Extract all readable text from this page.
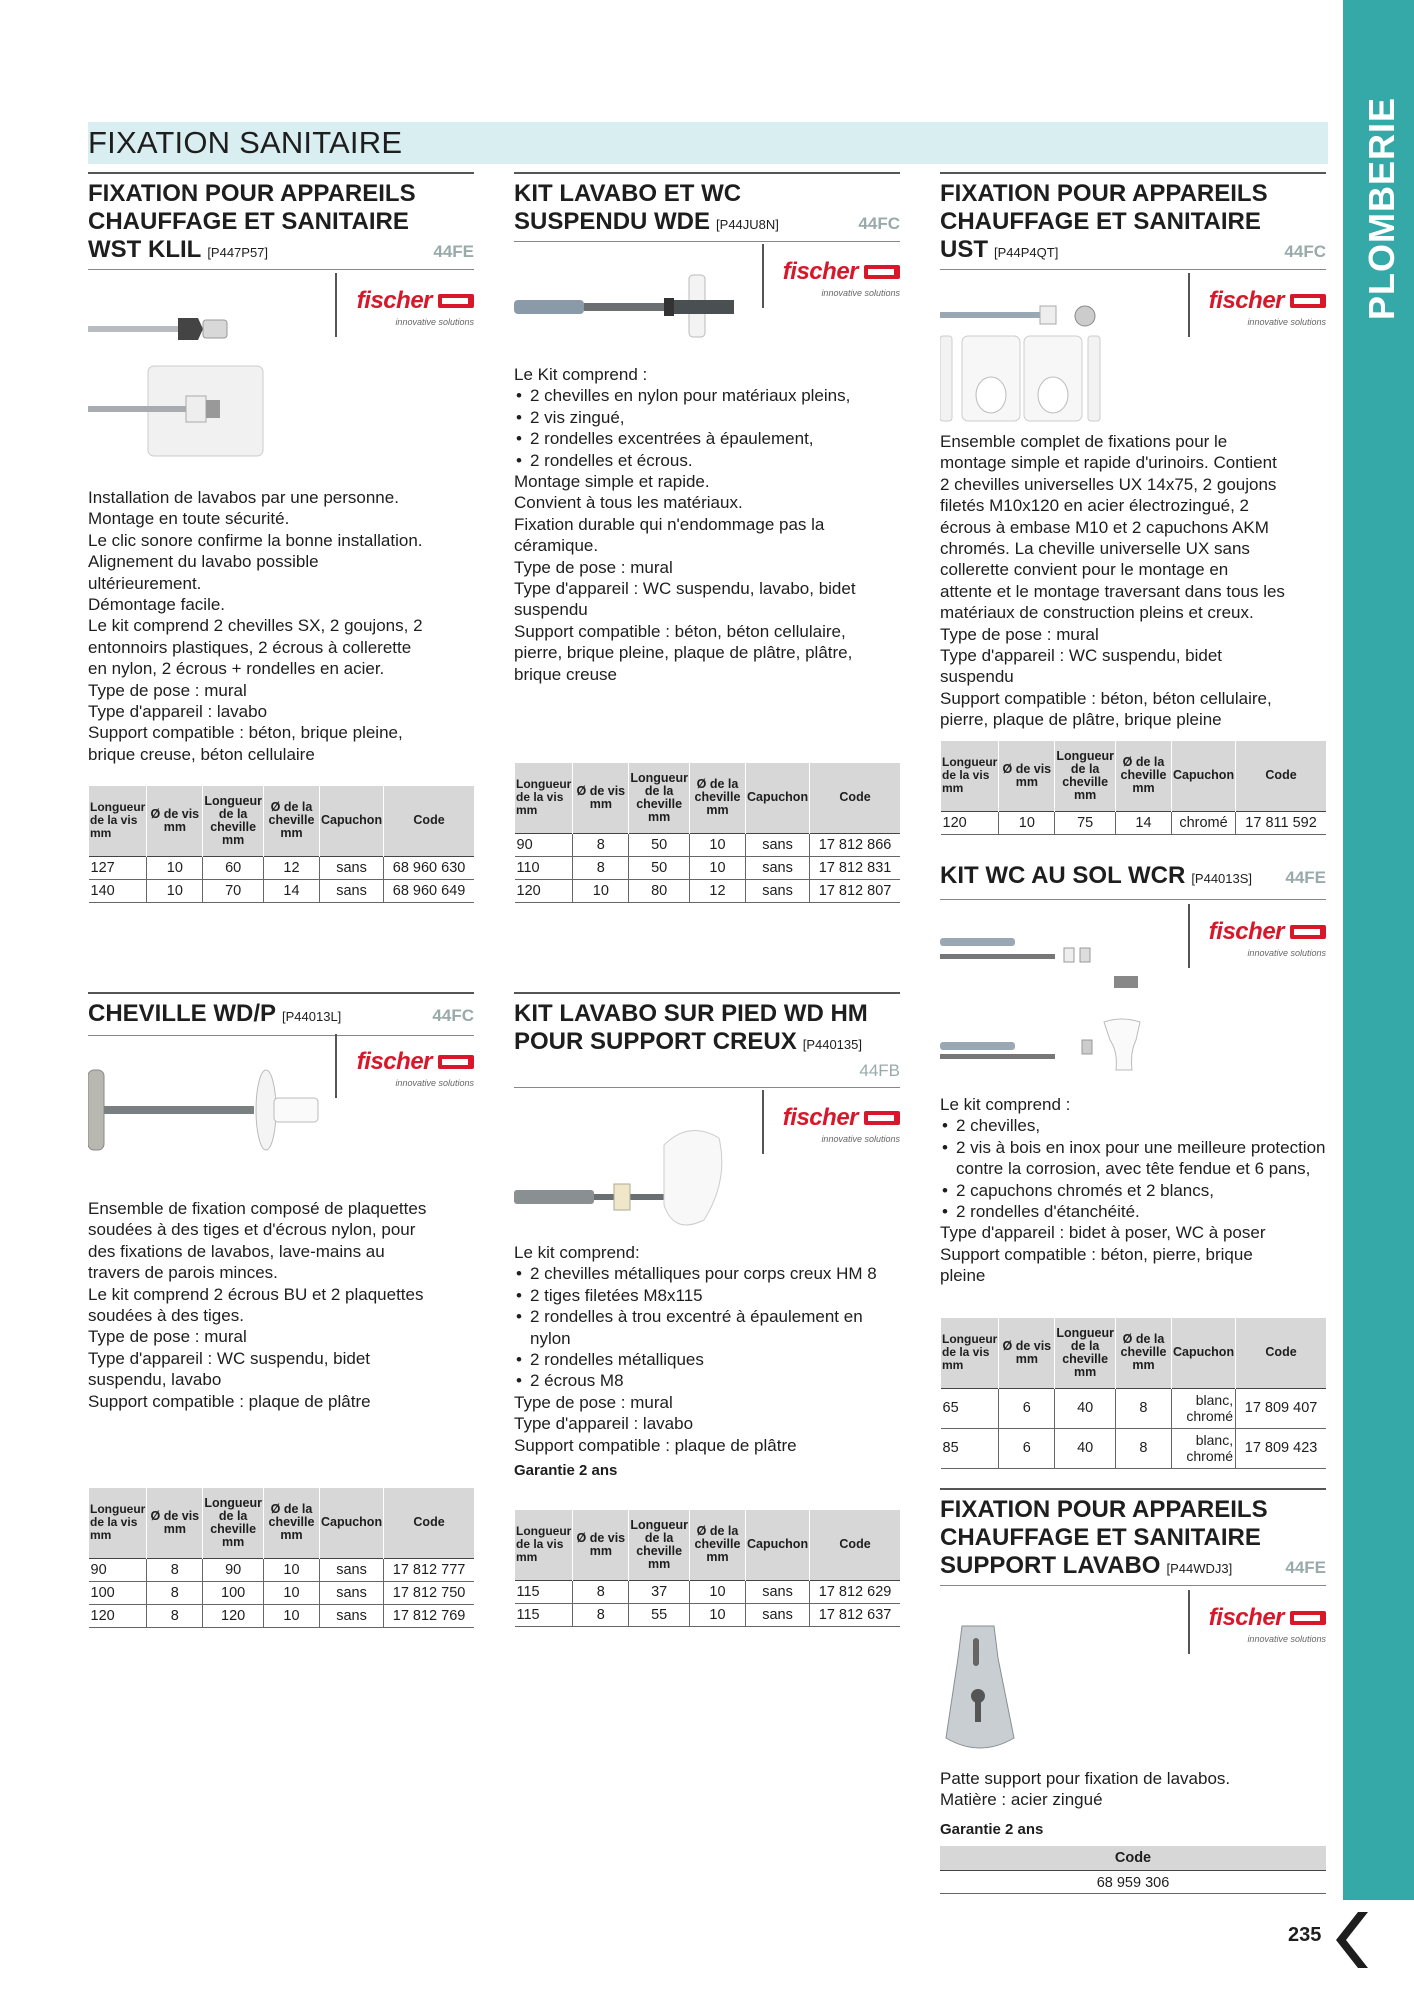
PLOMBERIE
FIXATION SANITAIRE
FIXATION POUR APPAREILS
CHAUFFAGE ET SANITAIRE
WST KLIL [P447P57]	44FE
fischer
innovative solutions
Installation de lavabos par une personne.
Montage en toute sécurité.
Le clic sonore confirme la bonne installation.
Alignement du lavabo possible
ultérieurement.
Démontage facile.
Le kit comprend 2 chevilles SX, 2 goujons, 2
entonnoirs plastiques, 2 écrous à collerette
en nylon, 2 écrous + rondelles en acier.
Type de pose : mural
Type d'appareil : lavabo
Support compatible : béton, brique pleine,
brique creuse, béton cellulaire
Longueur
de la vis
mm	Ø de vis
mm	Longueur
de la
cheville
mm	Ø de la
cheville
mm	Capuchon	Code
127	10	60	12	sans	68 960 630
140	10	70	14	sans	68 960 649
KIT LAVABO ET WC
SUSPENDU WDE [P44JU8N]	44FC
fischer
innovative solutions
Le Kit comprend :
• 2 chevilles en nylon pour matériaux pleins,
• 2 vis zingué,
• 2 rondelles excentrées à épaulement,
• 2 rondelles et écrous.
Montage simple et rapide.
Convient à tous les matériaux.
Fixation durable qui n'endommage pas la
céramique.
Type de pose : mural
Type d'appareil : WC suspendu, lavabo, bidet
suspendu
Support compatible : béton, béton cellulaire,
pierre, brique pleine, plaque de plâtre, plâtre,
brique creuse
Longueur
de la vis
mm	Ø de vis
mm	Longueur
de la
cheville
mm	Ø de la
cheville
mm	Capuchon	Code
90	8	50	10	sans	17 812 866
110	8	50	10	sans	17 812 831
120	10	80	12	sans	17 812 807
FIXATION POUR APPAREILS
CHAUFFAGE ET SANITAIRE
UST [P44P4QT]	44FC
fischer
innovative solutions
Ensemble complet de fixations pour le
montage simple et rapide d'urinoirs. Contient
2 chevilles universelles UX 14x75, 2 goujons
filetés M10x120 en acier électrozingué, 2
écrous à embase M10 et 2 capuchons AKM
chromés. La cheville universelle UX sans
collerette convient pour le montage en
attente et le montage traversant dans tous les
matériaux de construction pleins et creux.
Type de pose : mural
Type d'appareil : WC suspendu, bidet
suspendu
Support compatible : béton, béton cellulaire,
pierre, plaque de plâtre, brique pleine
Longueur
de la vis
mm	Ø de vis
mm	Longueur
de la
cheville
mm	Ø de la
cheville
mm	Capuchon	Code
120	10	75	14	chromé	17 811 592
KIT WC AU SOL WCR [P44013S] 44FE
fischer
innovative solutions
Le kit comprend :
• 2 chevilles,
• 2 vis à bois en inox pour une meilleure protection contre la corrosion, avec tête fendue et 6 pans,
• 2 capuchons chromés et 2 blancs,
• 2 rondelles d'étanchéité.
Type d'appareil : bidet à poser, WC à poser
Support compatible : béton, pierre, brique
pleine
Longueur
de la vis
mm	Ø de vis
mm	Longueur
de la
cheville
mm	Ø de la
cheville
mm	Capuchon	Code
65	6	40	8	blanc, chromé	17 809 407
85	6	40	8	blanc, chromé	17 809 423
CHEVILLE WD/P [P44013L]	44FC
fischer
innovative solutions
Ensemble de fixation composé de plaquettes
soudées à des tiges et d'écrous nylon, pour
des fixations de lavabos, lave-mains au
travers de parois minces.
Le kit comprend 2 écrous BU et 2 plaquettes
soudées à des tiges.
Type de pose : mural
Type d'appareil : WC suspendu, bidet
suspendu, lavabo
Support compatible : plaque de plâtre
Longueur
de la vis
mm	Ø de vis
mm	Longueur
de la
cheville
mm	Ø de la
cheville
mm	Capuchon	Code
90	8	90	10	sans	17 812 777
100	8	100	10	sans	17 812 750
120	8	120	10	sans	17 812 769
KIT LAVABO SUR PIED WD HM
POUR SUPPORT CREUX [P440135]
44FB
fischer
innovative solutions
Le kit comprend:
• 2 chevilles métalliques pour corps creux HM 8
• 2 tiges filetées M8x115
• 2 rondelles à trou excentré à épaulement en nylon
• 2 rondelles métalliques
• 2 écrous M8
Type de pose : mural
Type d'appareil : lavabo
Support compatible : plaque de plâtre
Garantie 2 ans
Longueur
de la vis
mm	Ø de vis
mm	Longueur
de la
cheville
mm	Ø de la
cheville
mm	Capuchon	Code
115	8	37	10	sans	17 812 629
115	8	55	10	sans	17 812 637
FIXATION POUR APPAREILS
CHAUFFAGE ET SANITAIRE
SUPPORT LAVABO [P44WDJ3]	44FE
fischer
innovative solutions
Patte support pour fixation de lavabos.
Matière : acier zingué
Garantie 2 ans
Code
68 959 306
235
